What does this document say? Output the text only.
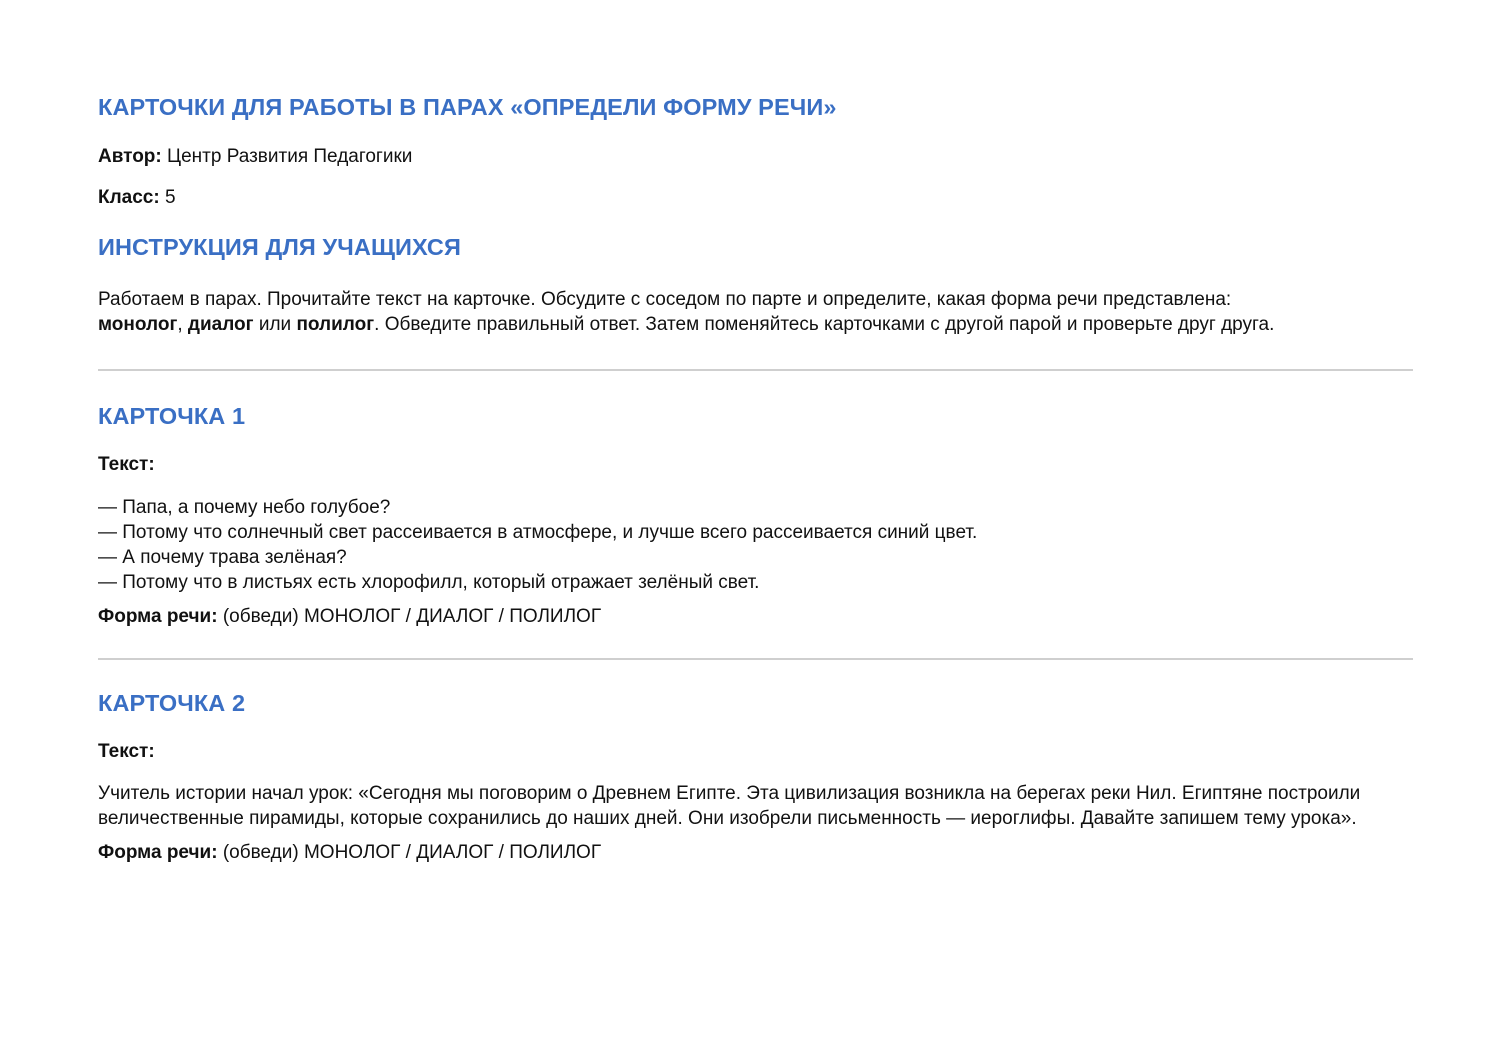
КАРТОЧКИ ДЛЯ РАБОТЫ В ПАРАХ «ОПРЕДЕЛИ ФОРМУ РЕЧИ»

Автор: Центр Развития Педагогики

Класс: 5

ИНСТРУКЦИЯ ДЛЯ УЧАЩИХСЯ

Работаем в парах. Прочитайте текст на карточке. Обсудите с соседом по парте и определите, какая форма речи представлена:
монолог, диалог или полилог. Обведите правильный ответ. Затем поменяйтесь карточками с другой парой и проверьте друг друга.

КАРТОЧКА 1

Текст:

— Папа, а почему небо голубое?
— Потому что солнечный свет рассеивается в атмосфере, и лучше всего рассеивается синий цвет.
— А почему трава зелёная?
— Потому что в листьях есть хлорофилл, который отражает зелёный свет.

Форма речи: (обведи) МОНОЛОГ / ДИАЛОГ / ПОЛИЛОГ

КАРТОЧКА 2

Текст:

Учитель истории начал урок: «Сегодня мы поговорим о Древнем Египте. Эта цивилизация возникла на берегах реки Нил. Египтяне построили величественные пирамиды, которые сохранились до наших дней. Они изобрели письменность — иероглифы. Давайте запишем тему урока».

Форма речи: (обведи) МОНОЛОГ / ДИАЛОГ / ПОЛИЛОГ
